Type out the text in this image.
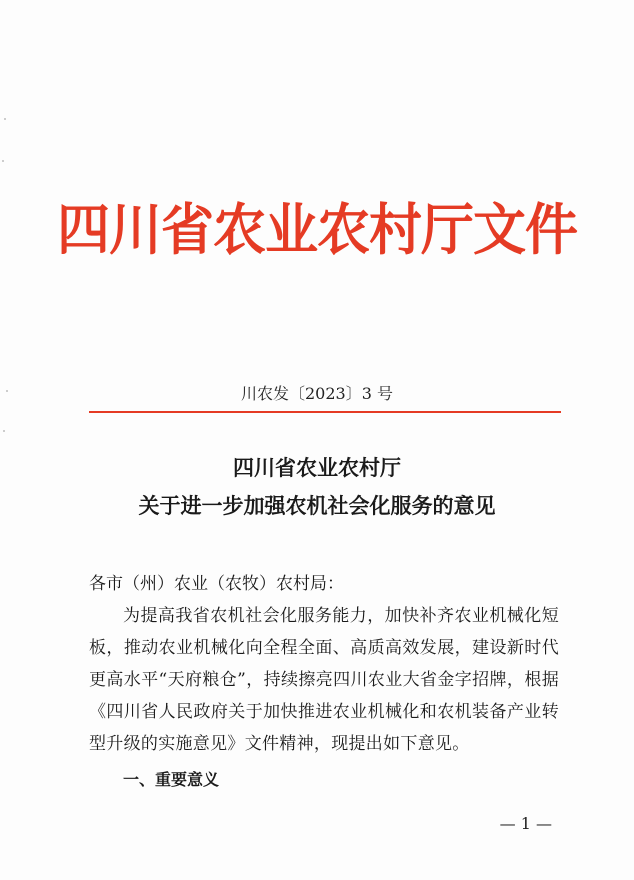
四川省农业农村厅文件
川农发〔2023〕3 号
四川省农业农村厅
关于进一步加强农机社会化服务的意见

各市（州）农业（农牧）农村局：

为提高我省农机社会化服务能力，加快补齐农业机械化短板，推动农业机械化向全程全面、高质高效发展，建设新时代更高水平“天府粮仓”，持续擦亮四川农业大省金字招牌，根据《四川省人民政府关于加快推进农业机械化和农机装备产业转型升级的实施意见》文件精神，现提出如下意见。

一、重要意义
— 1 —
